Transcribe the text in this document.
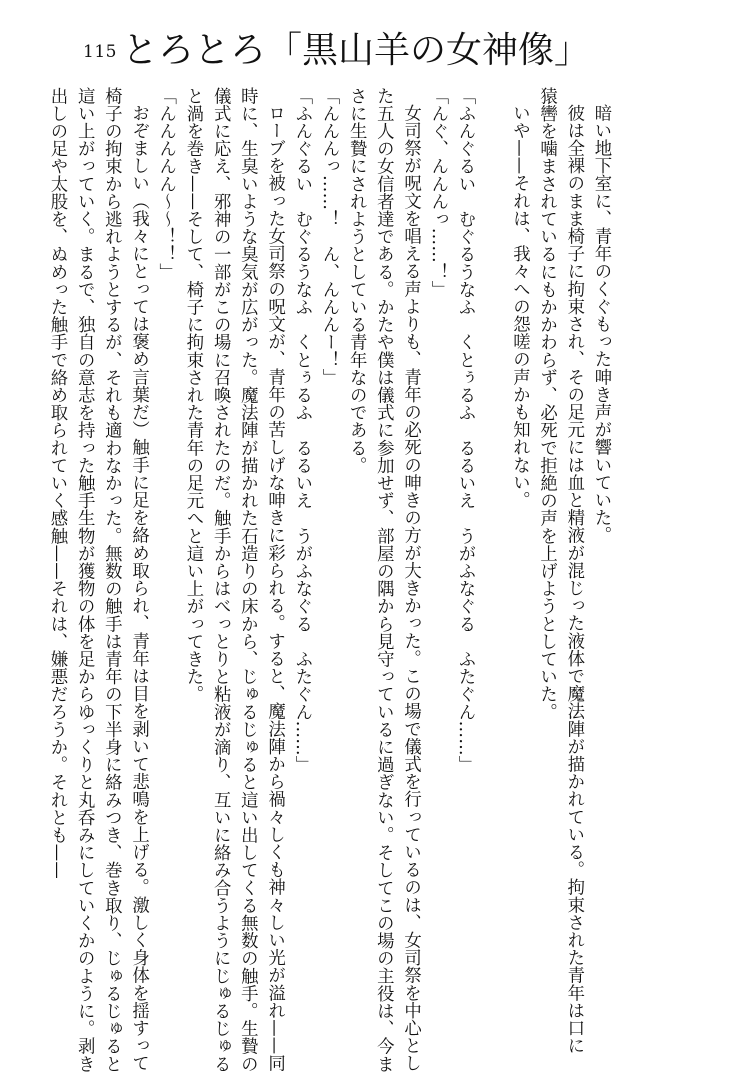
115 とろとろ「黒山羊の女神像」

暗い地下室に、青年のくぐもった呻き声が響いていた。

彼は全裸のまま椅子に拘束され、その足元には血と精液が混じった液体で魔法陣が描かれている。拘束された青年は口に

猿轡を噛まされているにもかかわらず、必死で拒絶の声を上げようとしていた。

いや——それは、我々への怨嗟の声かも知れない。

「ふんぐるい　むぐるうなふ　くとぅるふ　るるいえ　うがふなぐる　ふたぐん……」

「んぐ、んんんっ……！」

女司祭が呪文を唱える声よりも、青年の必死の呻きの方が大きかった。この場で儀式を行っているのは、女司祭を中心とし

た五人の女信者達である。かたや僕は儀式に参加せず、部屋の隅から見守っているに過ぎない。そしてこの場の主役は、今ま

さに生贄にされようとしている青年なのである。

「んんんっ……！　ん、んんんー！」

「ふんぐるい　むぐるうなふ　くとぅるふ　るるいえ　うがふなぐる　ふたぐん……」

ローブを被った女司祭の呪文が、青年の苦しげな呻きに彩られる。すると、魔法陣から禍々しくも神々しい光が溢れ——同

時に、生臭いような臭気が広がった。魔法陣が描かれた石造りの床から、じゅるじゅると這い出してくる無数の触手。生贄の

儀式に応え、邪神の一部がこの場に召喚されたのだ。触手からはべっとりと粘液が滴り、互いに絡み合うようにじゅるじゅる

と渦を巻き——そして、椅子に拘束された青年の足元へと這い上がってきた。

「んんんんん〜〜！！」

おぞましい（我々にとっては褒め言葉だ）触手に足を絡め取られ、青年は目を剥いて悲鳴を上げる。激しく身体を揺すって

椅子の拘束から逃れようとするが、それも適わなかった。無数の触手は青年の下半身に絡みつき、巻き取り、じゅるじゅると

這い上がっていく。まるで、独自の意志を持った触手生物が獲物の体を足からゆっくりと丸呑みにしていくかのように。剥き

出しの足や太股を、ぬめった触手で絡め取られていく感触——それは、嫌悪だろうか。それとも——
